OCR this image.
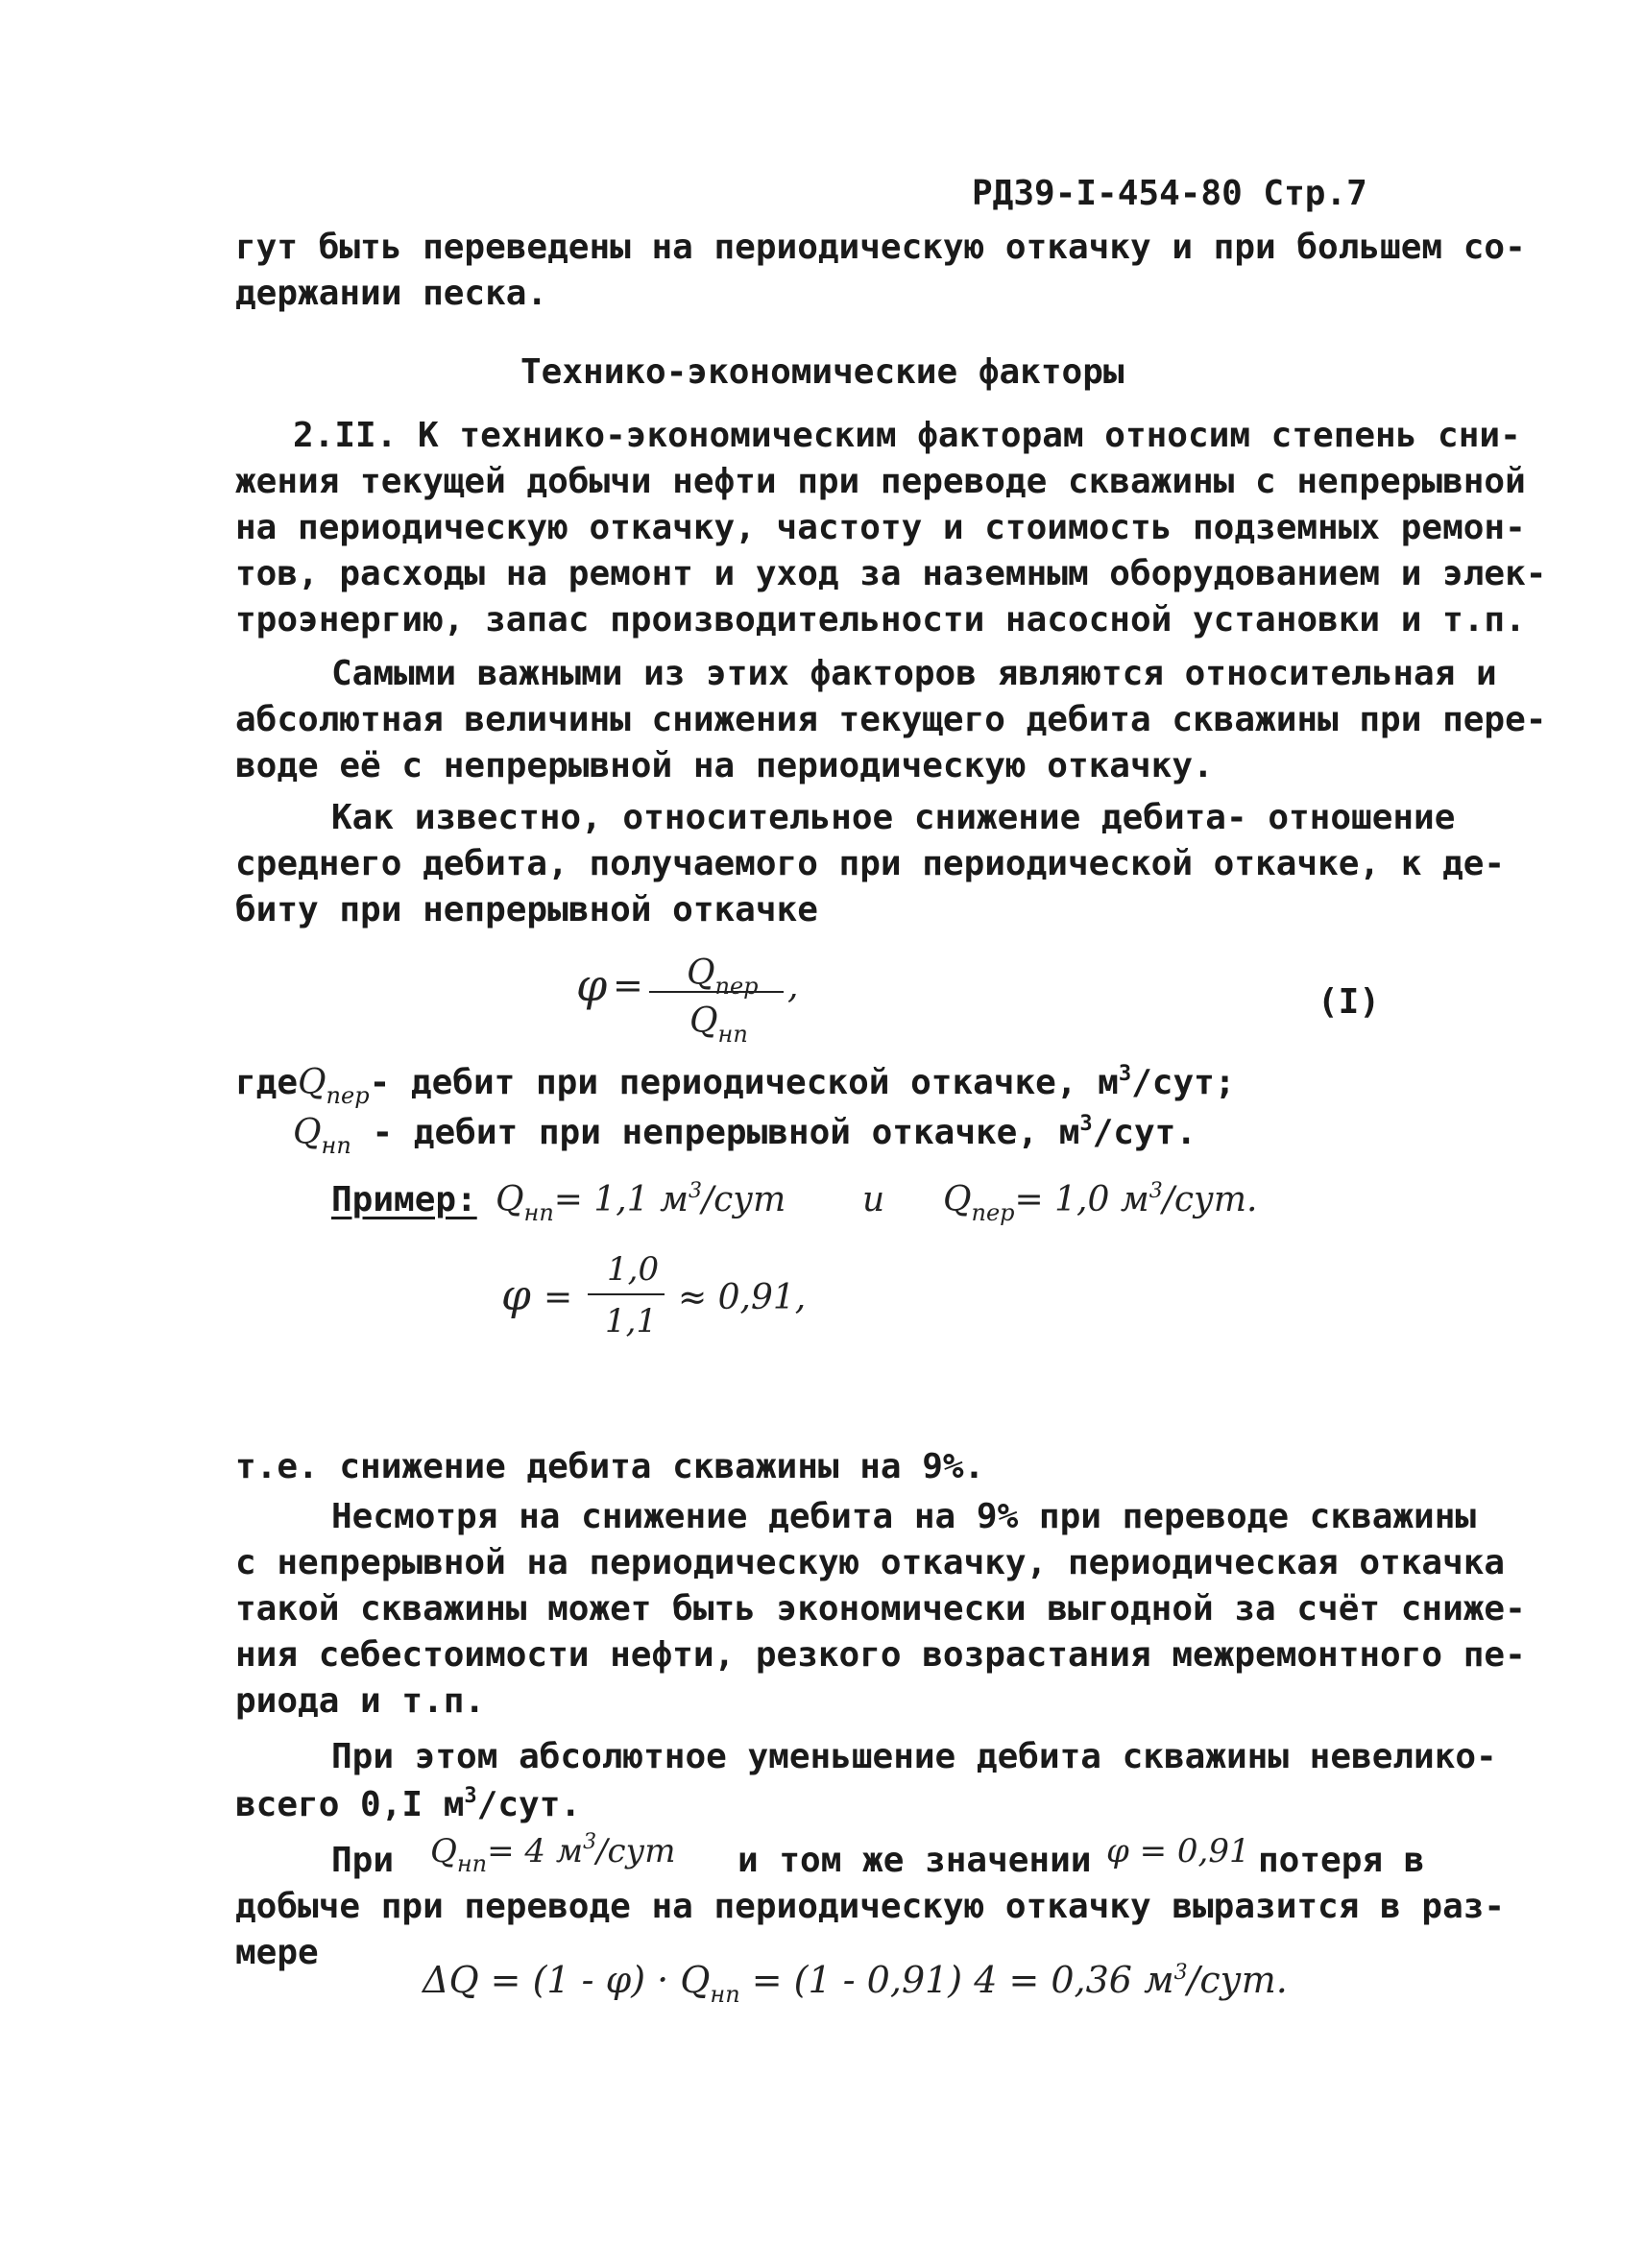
РДЗ9-I-454-80 Стр.7
гут быть переведены на периодическую откачку и при большем со-
держании песка.
Технико-экономические факторы
2.II. К технико-экономическим факторам относим степень сни-
жения текущей добычи нефти при переводе скважины с непрерывной
на периодическую откачку, частоту и стоимость подземных ремон-
тов, расходы на ремонт и уход за наземным оборудованием и элек-
троэнергию, запас производительности насосной установки и т.п.
Самыми важными из этих факторов являются относительная и
абсолютная величины снижения текущего дебита скважины при пере-
воде её с непрерывной на периодическую откачку.
Как известно, относительное снижение дебита- отношение
среднего дебита, получаемого при периодической откачке, к де-
биту при непрерывной откачке
$\varphi = Q_{пер}$
$Q_{нп}$
,	(I)
гдеQ$_{пер}$- дебит при периодической откачке, $м^3$/сут;
$Q_{нп}$ - дебит при непрерывной откачке, $м^3$/сут.
Пример: $Q_{нп}= 1,1$ $м^3$/сут и $Q_{пер}= 1,0$ $м^3$/сут.
φ =
1,0
1,1
≈ 0,91,
т.е. снижение дебита скважины на 9%.
Несмотря на снижение дебита на 9% при переводе скважины
с непрерывной на периодическую откачку, периодическая откачка
такой скважины может быть экономически выгодной за счёт сниже-
ния себестоимости нефти, резкого возрастания межремонтного пе-
риода и т.п.
При этом абсолютное уменьшение дебита скважины невелико-
всего 0,I $м^3$/сут.
При $Q_{нп}= 4$ $м^3$/сут и том же значении φ = 0,91 потеря в
добыче при переводе на периодическую откачку выразится в раз-
мере
$\Delta Q = (1 - \varphi) \cdot Q_{нп} = (1 - 0,91) 4 = 0,36$ $м^3$/сут.
